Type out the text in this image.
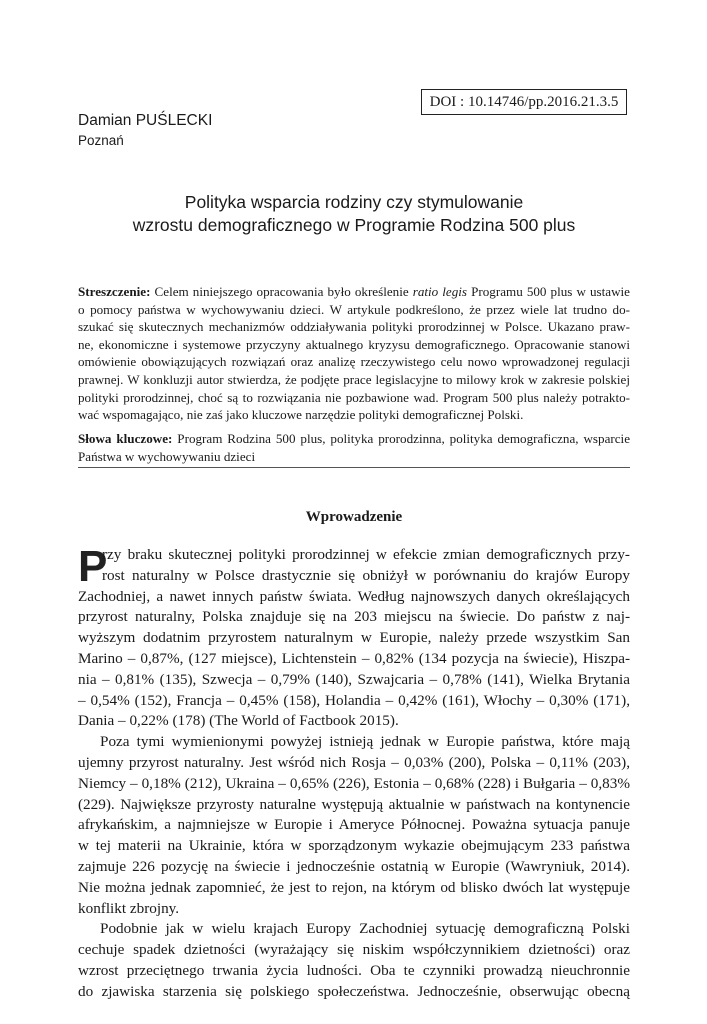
DOI : 10.14746/pp.2016.21.3.5
Damian PUŚLECKI
Poznań
Polityka wsparcia rodziny czy stymulowanie
wzrostu demograficznego w Programie Rodzina 500 plus
Streszczenie: Celem niniejszego opracowania było określenie ratio legis Programu 500 plus w ustawie
o pomocy państwa w wychowywaniu dzieci. W artykule podkreślono, że przez wiele lat trudno do-
szukać się skutecznych mechanizmów oddziaływania polityki prorodzinnej w Polsce. Ukazano praw-
ne, ekonomiczne i systemowe przyczyny aktualnego kryzysu demograficznego. Opracowanie stanowi
omówienie obowiązujących rozwiązań oraz analizę rzeczywistego celu nowo wprowadzonej regulacji
prawnej. W konkluzji autor stwierdza, że podjęte prace legislacyjne to milowy krok w zakresie polskiej
polityki prorodzinnej, choć są to rozwiązania nie pozbawione wad. Program 500 plus należy potrakto-
wać wspomagająco, nie zaś jako kluczowe narzędzie polityki demograficznej Polski.
Słowa kluczowe: Program Rodzina 500 plus, polityka prorodzinna, polityka demograficzna, wsparcie
Państwa w wychowywaniu dzieci
Wprowadzenie
P
rzy braku skutecznej polityki prorodzinnej w efekcie zmian demograficznych przy-
rost naturalny w Polsce drastycznie się obniżył w porównaniu do krajów Europy
Zachodniej, a nawet innych państw świata. Według najnowszych danych określających
przyrost naturalny, Polska znajduje się na 203 miejscu na świecie. Do państw z naj-
wyższym dodatnim przyrostem naturalnym w Europie, należy przede wszystkim San
Marino – 0,87%, (127 miejsce), Lichtenstein – 0,82% (134 pozycja na świecie), Hiszpa-
nia – 0,81% (135), Szwecja – 0,79% (140), Szwajcaria – 0,78% (141), Wielka Brytania
– 0,54% (152), Francja – 0,45% (158), Holandia – 0,42% (161), Włochy – 0,30% (171),
Dania – 0,22% (178) (The World of Factbook 2015).
Poza tymi wymienionymi powyżej istnieją jednak w Europie państwa, które mają
ujemny przyrost naturalny. Jest wśród nich Rosja – 0,03% (200), Polska – 0,11% (203),
Niemcy – 0,18% (212), Ukraina – 0,65% (226), Estonia – 0,68% (228) i Bułgaria – 0,83%
(229). Największe przyrosty naturalne występują aktualnie w państwach na kontynencie
afrykańskim, a najmniejsze w Europie i Ameryce Północnej. Poważna sytuacja panuje
w tej materii na Ukrainie, która w sporządzonym wykazie obejmującym 233 państwa
zajmuje 226 pozycję na świecie i jednocześnie ostatnią w Europie (Wawryniuk, 2014).
Nie można jednak zapomnieć, że jest to rejon, na którym od blisko dwóch lat występuje
konflikt zbrojny.
Podobnie jak w wielu krajach Europy Zachodniej sytuację demograficzną Polski
cechuje spadek dzietności (wyrażający się niskim współczynnikiem dzietności) oraz
wzrost przeciętnego trwania życia ludności. Oba te czynniki prowadzą nieuchronnie
do zjawiska starzenia się polskiego społeczeństwa. Jednocześnie, obserwując obecną
